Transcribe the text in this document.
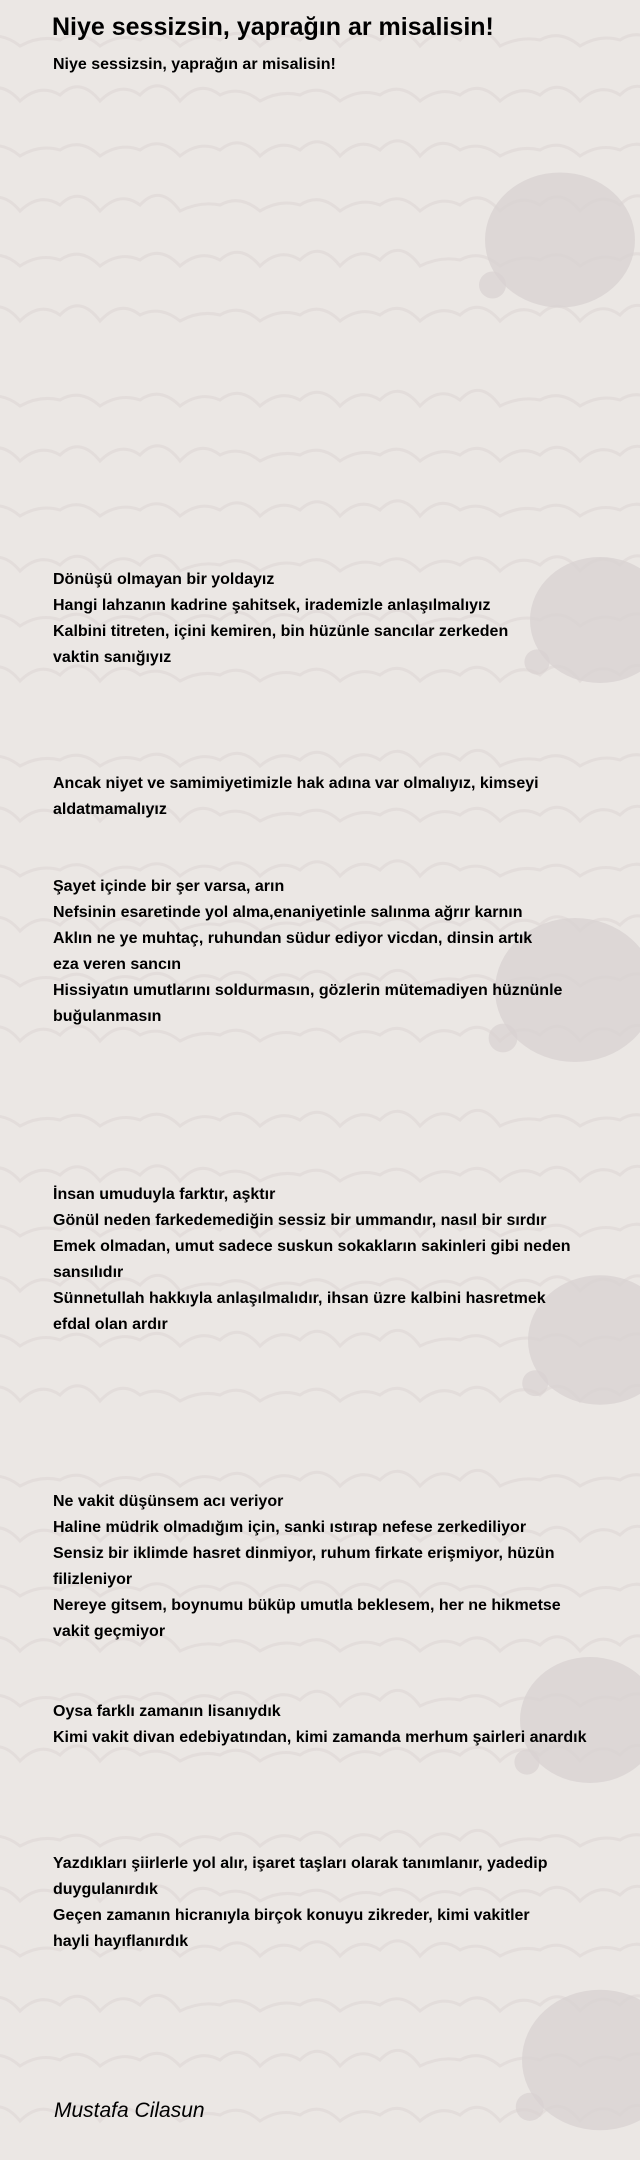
Niye sessizsin, yaprağın ar misalisin!
Niye sessizsin, yaprağın ar misalisin!
Dönüşü olmayan bir yoldayız
Hangi lahzanın kadrine şahitsek, irademizle anlaşılmalıyız
Kalbini titreten, içini kemiren, bin hüzünle sancılar zerkeden
vaktin sanığıyız
Ancak niyet ve samimiyetimizle hak adına var olmalıyız, kimseyi
aldatmamalıyız
Şayet içinde bir şer varsa, arın
Nefsinin esaretinde yol alma,enaniyetinle salınma ağrır karnın
Aklın ne ye muhtaç, ruhundan südur ediyor vicdan, dinsin artık
eza veren sancın
Hissiyatın umutlarını soldurmasın, gözlerin mütemadiyen hüznünle
buğulanmasın
İnsan umuduyla farktır, aşktır
Gönül neden farkedemediğin sessiz bir ummandır, nasıl bir sırdır
Emek olmadan, umut sadece suskun sokakların sakinleri gibi neden
sansılıdır
Sünnetullah hakkıyla anlaşılmalıdır, ihsan üzre kalbini hasretmek
efdal olan ardır
Ne vakit düşünsem acı veriyor
Haline müdrik olmadığım için, sanki ıstırap nefese zerkediliyor
Sensiz bir iklimde hasret dinmiyor, ruhum firkate erişmiyor, hüzün
filizleniyor
Nereye gitsem, boynumu büküp umutla beklesem, her ne hikmetse
vakit geçmiyor
Oysa farklı zamanın lisanıydık
Kimi vakit divan edebiyatından, kimi zamanda merhum şairleri anardık
Yazdıkları şiirlerle yol alır, işaret taşları olarak tanımlanır, yadedip
duygulanırdık
Geçen zamanın hicranıyla birçok konuyu zikreder, kimi vakitler
hayli hayıflanırdık
Mustafa Cilasun
